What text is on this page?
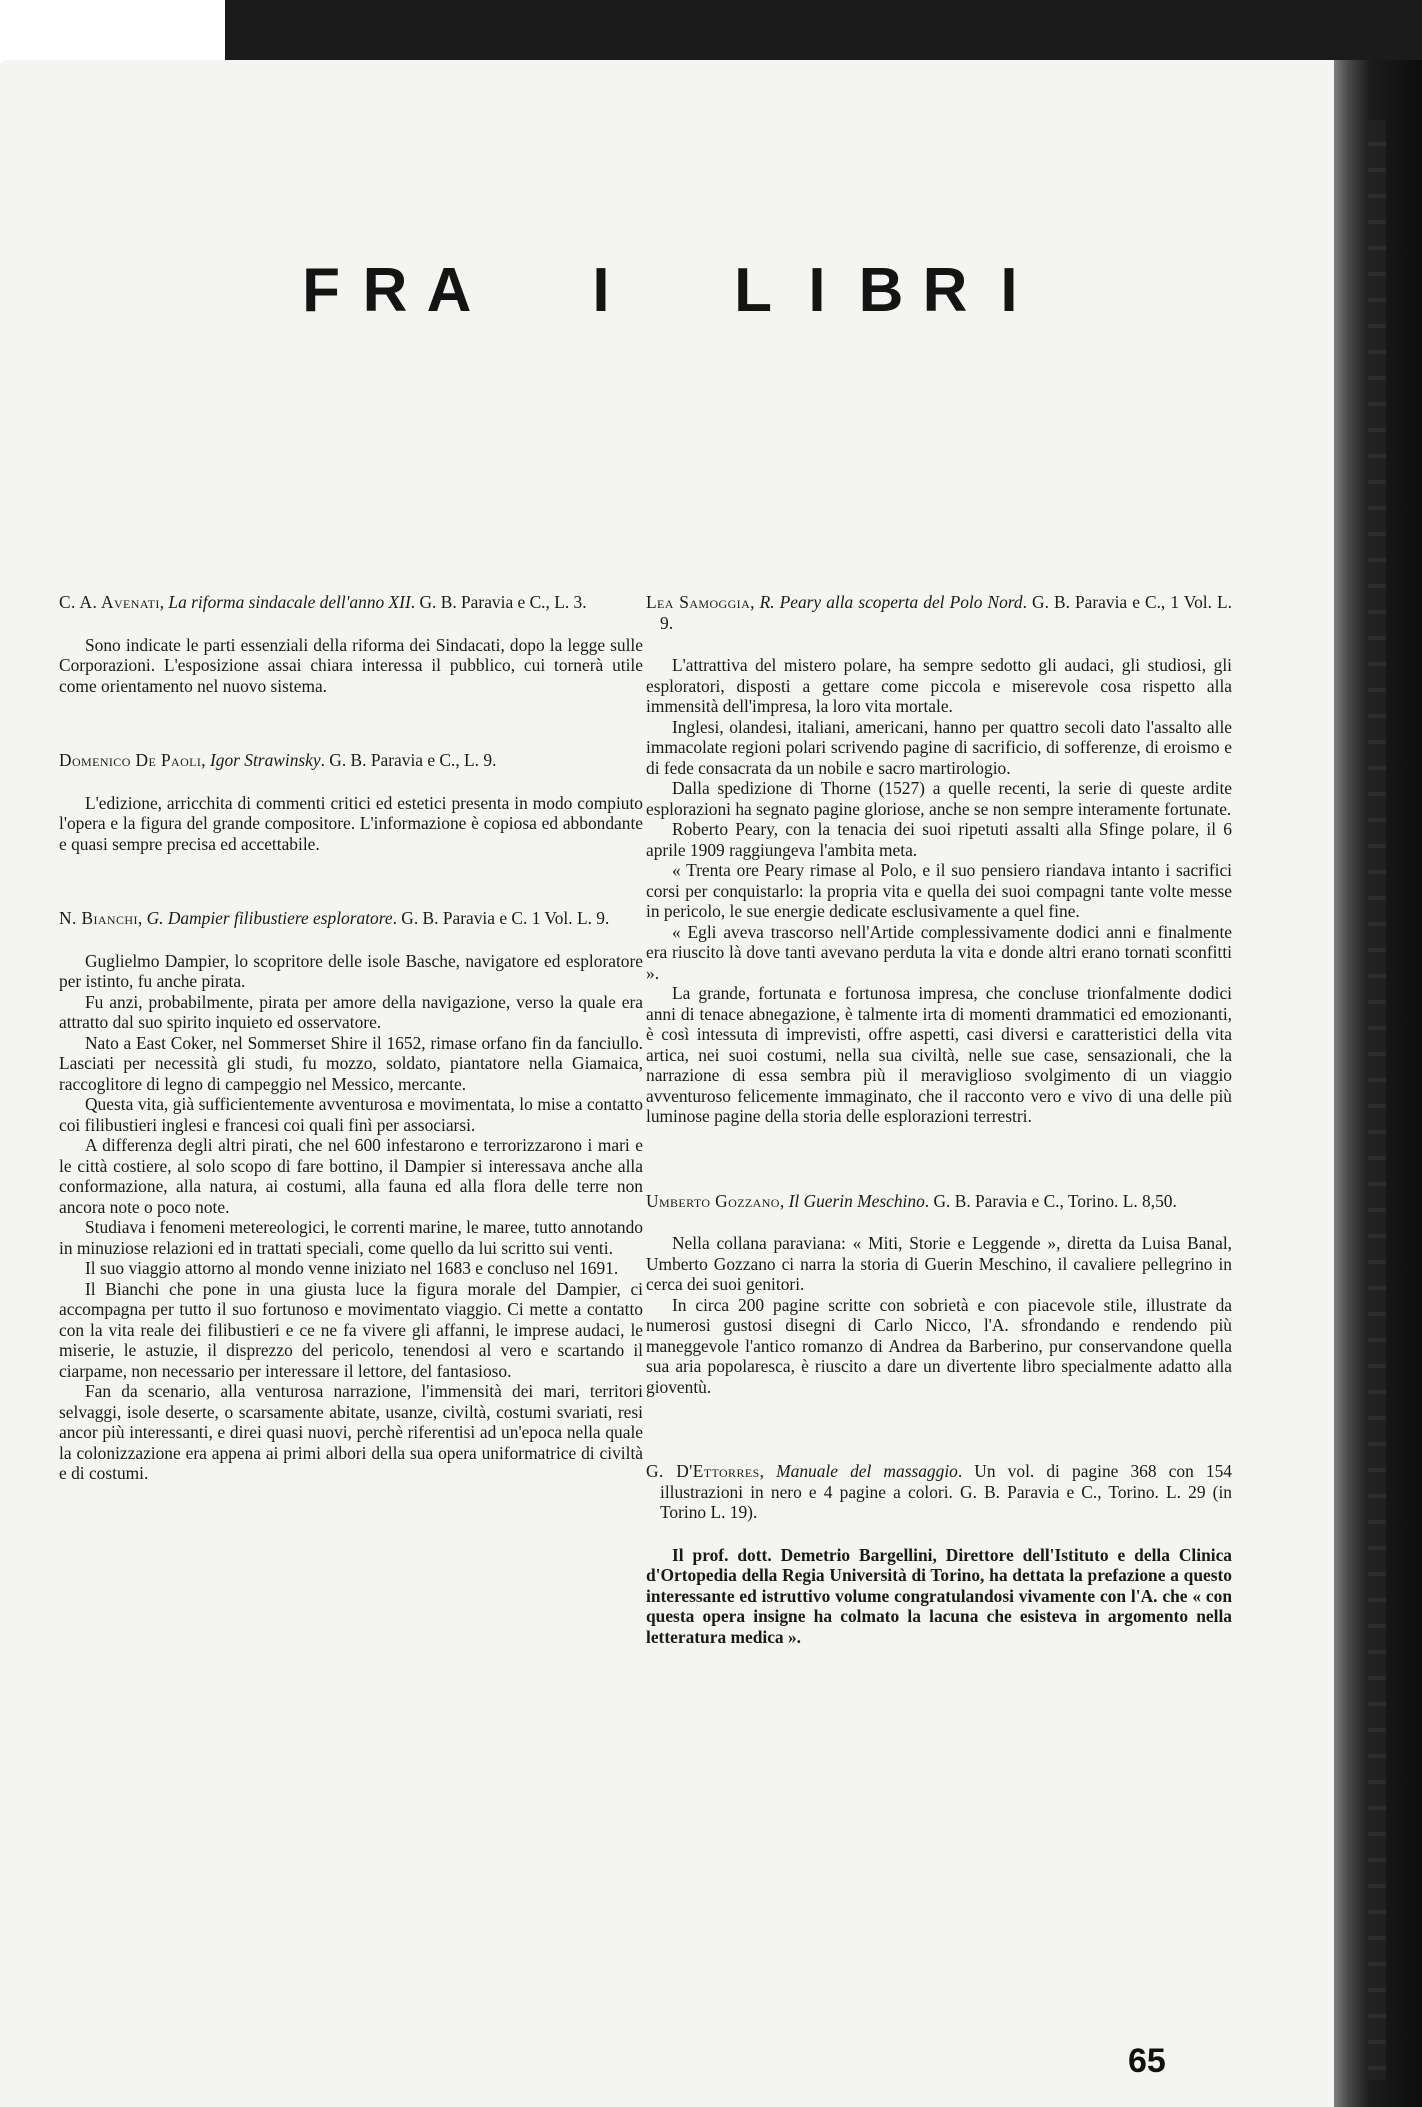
F R A	I	L I B R I

C. A. Avenati, La riforma sindacale dell'anno XII. G. B. Paravia e C., L. 3.

Sono indicate le parti essenziali della riforma dei Sindacati, dopo la legge sulle Corporazioni. L'esposizione assai chiara interessa il pubblico, cui tornerà utile come orientamento nel nuovo sistema.

Domenico De Paoli, Igor Strawinsky. G. B. Paravia e C., L. 9.

L'edizione, arricchita di commenti critici ed estetici presenta in modo compiuto l'opera e la figura del grande compositore. L'informazione è copiosa ed abbondante e quasi sempre precisa ed accettabile.

N. Bianchi, G. Dampier filibustiere esploratore. G. B. Paravia e C. 1 Vol. L. 9.

Guglielmo Dampier, lo scopritore delle isole Basche, navigatore ed esploratore per istinto, fu anche pirata.

Fu anzi, probabilmente, pirata per amore della navigazione, verso la quale era attratto dal suo spirito inquieto ed osservatore.

Nato a East Coker, nel Sommerset Shire il 1652, rimase orfano fin da fanciullo. Lasciati per necessità gli studi, fu mozzo, soldato, piantatore nella Giamaica, raccoglitore di legno di campeggio nel Messico, mercante.

Questa vita, già sufficientemente avventurosa e movimentata, lo mise a contatto coi filibustieri inglesi e francesi coi quali finì per associarsi.

A differenza degli altri pirati, che nel 600 infestarono e terrorizzarono i mari e le città costiere, al solo scopo di fare bottino, il Dampier si interessava anche alla conformazione, alla natura, ai costumi, alla fauna ed alla flora delle terre non ancora note o poco note.

Studiava i fenomeni metereologici, le correnti marine, le maree, tutto annotando in minuziose relazioni ed in trattati speciali, come quello da lui scritto sui venti.

Il suo viaggio attorno al mondo venne iniziato nel 1683 e concluso nel 1691.

Il Bianchi che pone in una giusta luce la figura morale del Dampier, ci accompagna per tutto il suo fortunoso e movimentato viaggio. Ci mette a contatto con la vita reale dei filibustieri e ce ne fa vivere gli affanni, le imprese audaci, le miserie, le astuzie, il disprezzo del pericolo, tenendosi al vero e scartando il ciarpame, non necessario per interessare il lettore, del fantasioso.

Fan da scenario, alla venturosa narrazione, l'immensità dei mari, territori selvaggi, isole deserte, o scarsamente abitate, usanze, civiltà, costumi svariati, resi ancor più interessanti, e direi quasi nuovi, perchè riferentisi ad un'epoca nella quale la colonizzazione era appena ai primi albori della sua opera uniformatrice di civiltà e di costumi.

Lea Samoggia, R. Peary alla scoperta del Polo Nord. G. B. Paravia e C., 1 Vol. L. 9.

L'attrattiva del mistero polare, ha sempre sedotto gli audaci, gli studiosi, gli esploratori, disposti a gettare come piccola e miserevole cosa rispetto alla immensità dell'impresa, la loro vita mortale.

Inglesi, olandesi, italiani, americani, hanno per quattro secoli dato l'assalto alle immacolate regioni polari scrivendo pagine di sacrificio, di sofferenze, di eroismo e di fede consacrata da un nobile e sacro martirologio.

Dalla spedizione di Thorne (1527) a quelle recenti, la serie di queste ardite esplorazioni ha segnato pagine gloriose, anche se non sempre interamente fortunate.

Roberto Peary, con la tenacia dei suoi ripetuti assalti alla Sfinge polare, il 6 aprile 1909 raggiungeva l'ambita meta.

« Trenta ore Peary rimase al Polo, e il suo pensiero riandava intanto i sacrifici corsi per conquistarlo: la propria vita e quella dei suoi compagni tante volte messe in pericolo, le sue energie dedicate esclusivamente a quel fine.

« Egli aveva trascorso nell'Artide complessivamente dodici anni e finalmente era riuscito là dove tanti avevano perduta la vita e donde altri erano tornati sconfitti ».

La grande, fortunata e fortunosa impresa, che concluse trionfalmente dodici anni di tenace abnegazione, è talmente irta di momenti drammatici ed emozionanti, è così intessuta di imprevisti, offre aspetti, casi diversi e caratteristici della vita artica, nei suoi costumi, nella sua civiltà, nelle sue case, sensazionali, che la narrazione di essa sembra più il meraviglioso svolgimento di un viaggio avventuroso felicemente immaginato, che il racconto vero e vivo di una delle più luminose pagine della storia delle esplorazioni terrestri.

Umberto Gozzano, Il Guerin Meschino. G. B. Paravia e C., Torino. L. 8,50.

Nella collana paraviana: « Miti, Storie e Leggende », diretta da Luisa Banal, Umberto Gozzano ci narra la storia di Guerin Meschino, il cavaliere pellegrino in cerca dei suoi genitori.

In circa 200 pagine scritte con sobrietà e con piacevole stile, illustrate da numerosi gustosi disegni di Carlo Nicco, l'A. sfrondando e rendendo più maneggevole l'antico romanzo di Andrea da Barberino, pur conservandone quella sua aria popolaresca, è riuscito a dare un divertente libro specialmente adatto alla gioventù.

G. D'Ettorres, Manuale del massaggio. Un vol. di pagine 368 con 154 illustrazioni in nero e 4 pagine a colori. G. B. Paravia e C., Torino. L. 29 (in Torino L. 19).

Il prof. dott. Demetrio Bargellini, Direttore dell'Istituto e della Clinica d'Ortopedia della Regia Università di Torino, ha dettata la prefazione a questo interessante ed istruttivo volume congratulandosi vivamente con l'A. che « con questa opera insigne ha colmato la lacuna che esisteva in argomento nella letteratura medica ».

65
